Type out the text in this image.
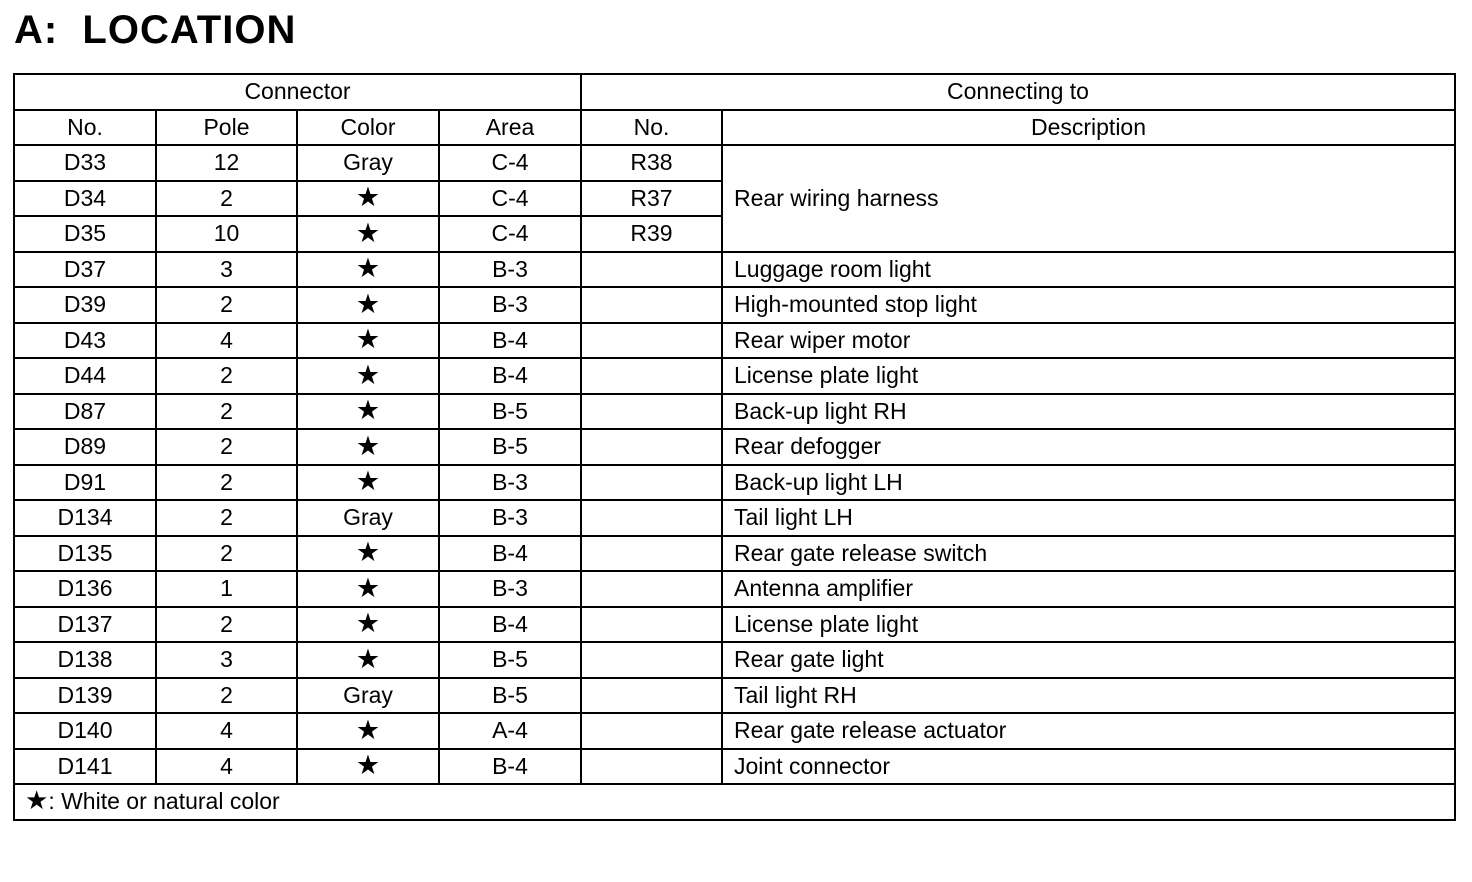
A:  LOCATION
Connector				Connecting to	
No.	Pole	Color	Area	No.	Description
D33	12	Gray	C-4	R38	Rear wiring harness
D34	2	★	C-4	R37	
D35	10	★	C-4	R39	
D37	3	★	B-3		Luggage room light
D39	2	★	B-3		High-mounted stop light
D43	4	★	B-4		Rear wiper motor
D44	2	★	B-4		License plate light
D87	2	★	B-5		Back-up light RH
D89	2	★	B-5		Rear defogger
D91	2	★	B-3		Back-up light LH
D134	2	Gray	B-3		Tail light LH
D135	2	★	B-4		Rear gate release switch
D136	1	★	B-3		Antenna amplifier
D137	2	★	B-4		License plate light
D138	3	★	B-5		Rear gate light
D139	2	Gray	B-5		Tail light RH
D140	4	★	A-4		Rear gate release actuator
D141	4	★	B-4		Joint connector
★: White or natural color					
